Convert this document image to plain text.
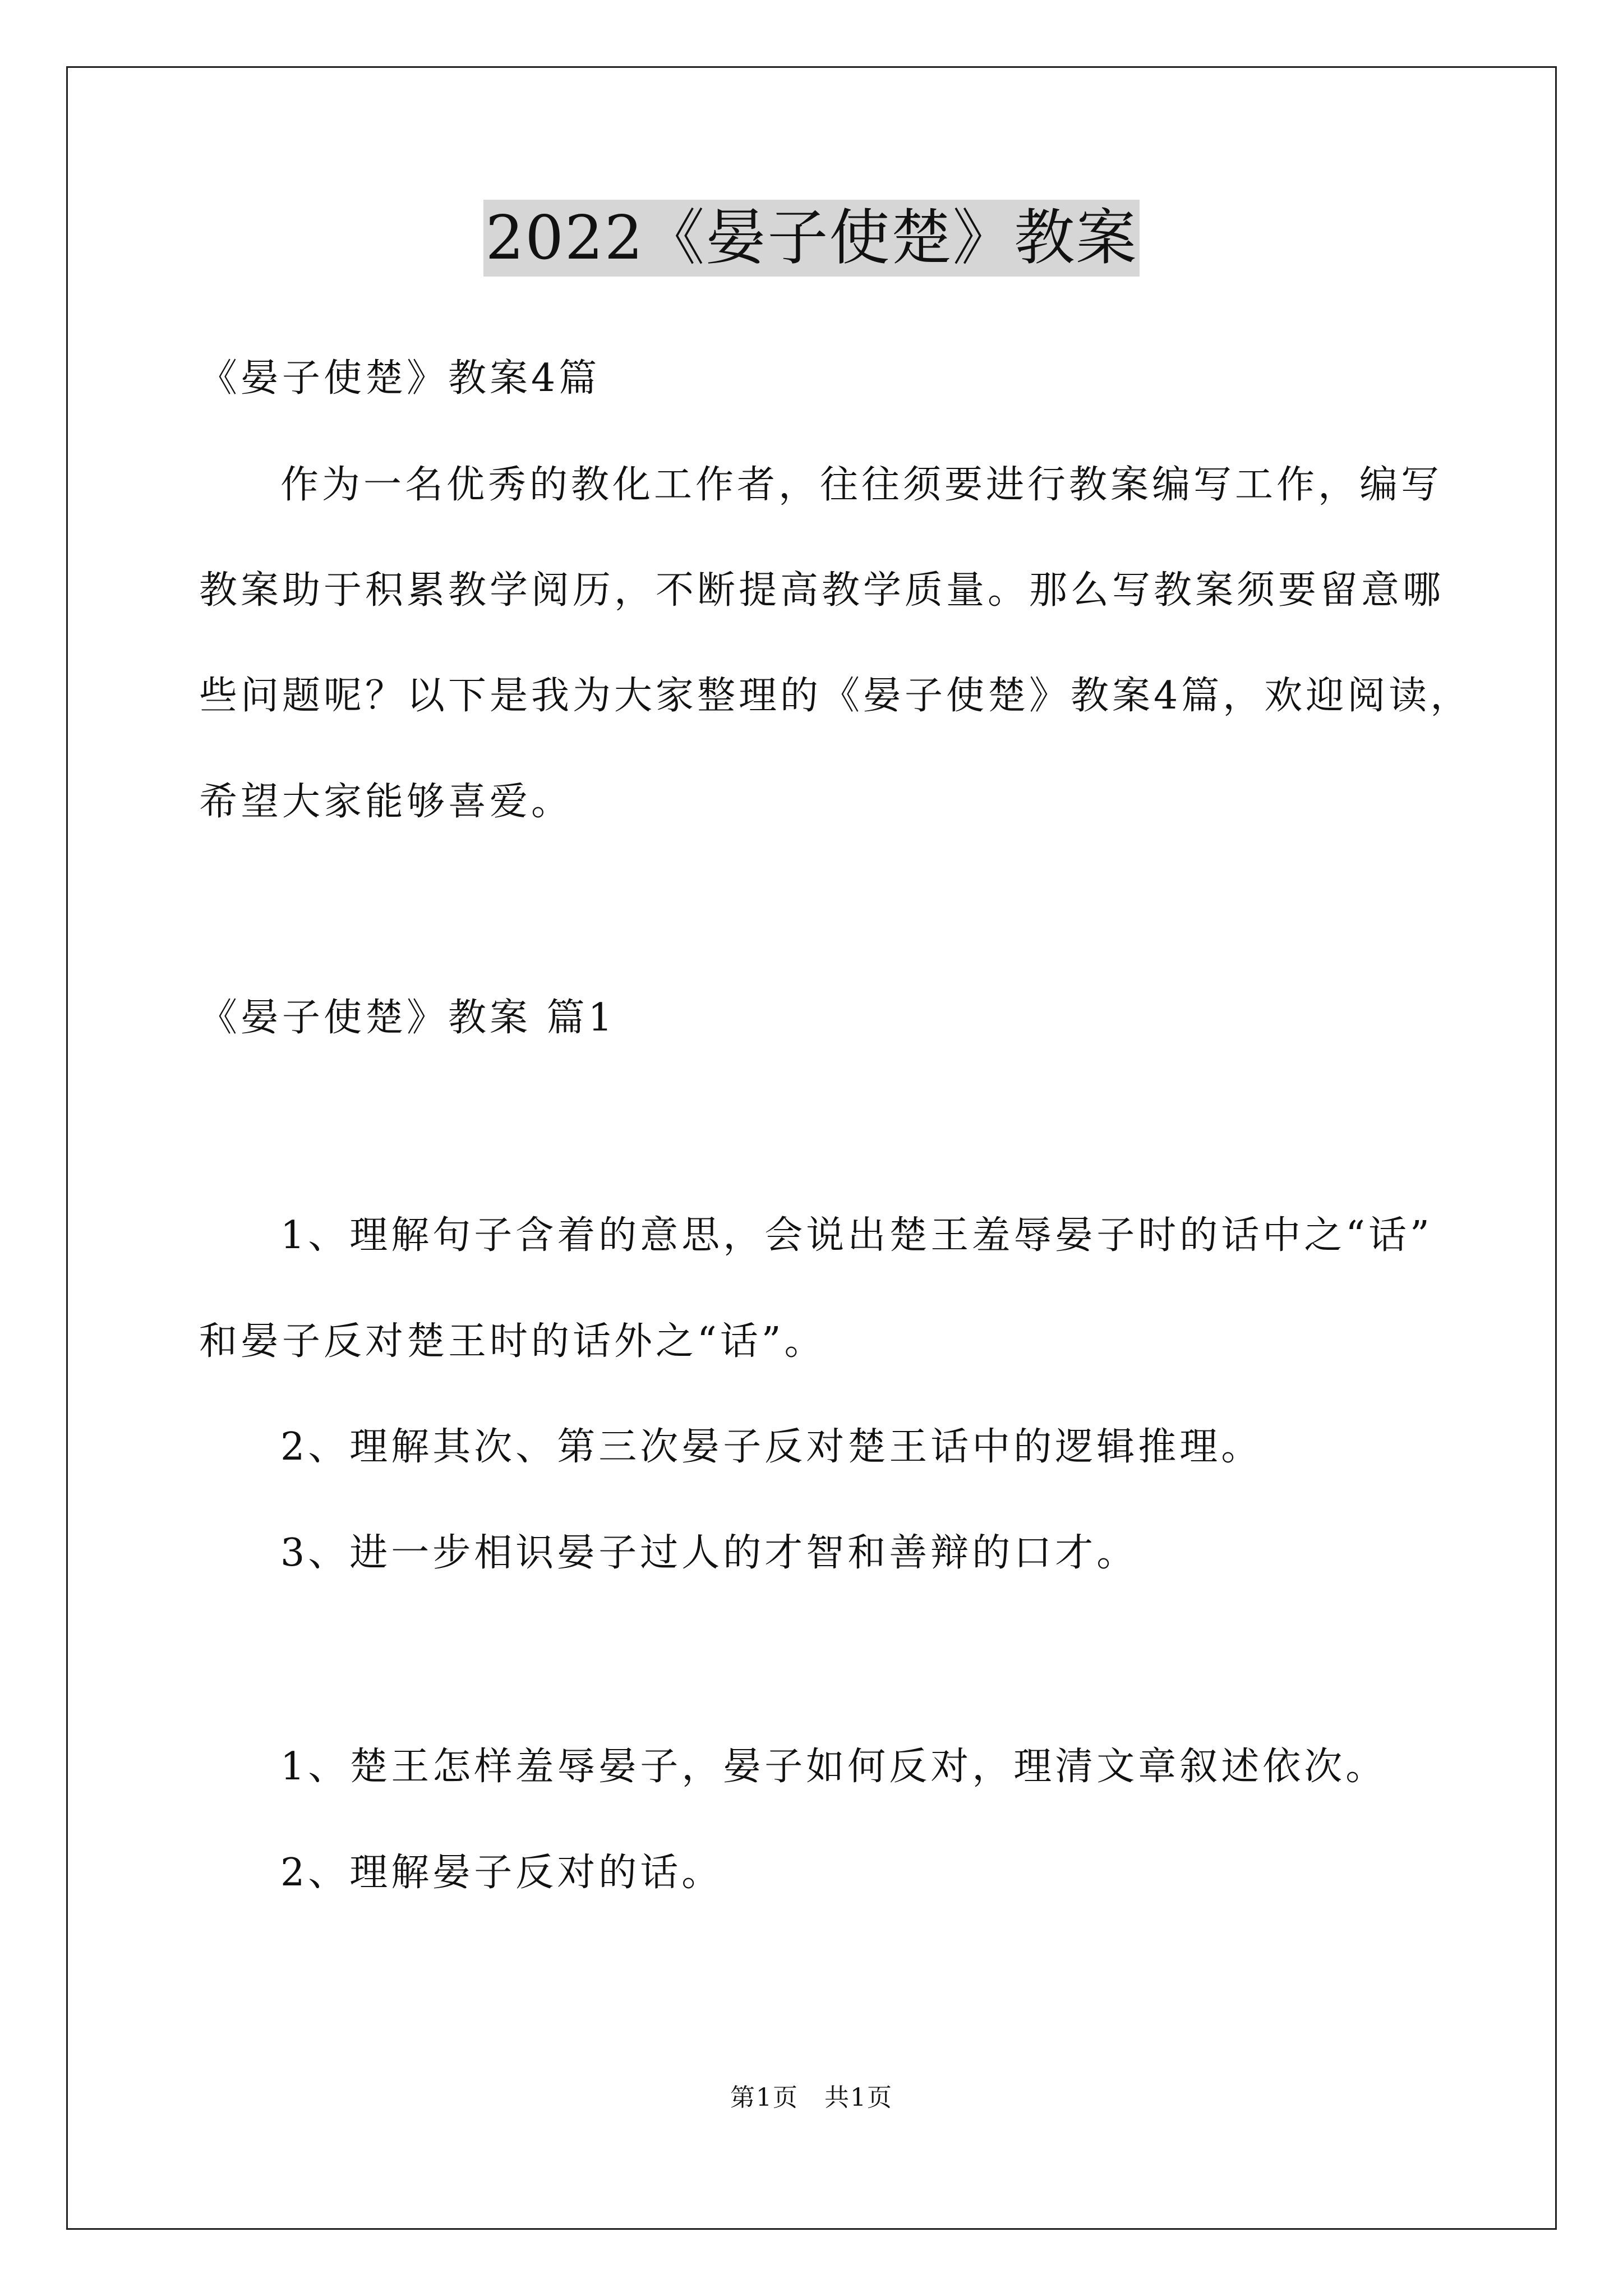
2022《晏子使楚》教案
《晏子使楚》教案4篇
作为一名优秀的教化工作者，往往须要进行教案编写工作，编写
教案助于积累教学阅历，不断提高教学质量。那么写教案须要留意哪
些问题呢？以下是我为大家整理的《晏子使楚》教案4篇，欢迎阅读，
希望大家能够喜爱。
《晏子使楚》教案 篇1
1、理解句子含着的意思，会说出楚王羞辱晏子时的话中之“话”
和晏子反对楚王时的话外之“话”。
2、理解其次、第三次晏子反对楚王话中的逻辑推理。
3、进一步相识晏子过人的才智和善辩的口才。
1、楚王怎样羞辱晏子，晏子如何反对，理清文章叙述依次。
2、理解晏子反对的话。
第1页　共1页
